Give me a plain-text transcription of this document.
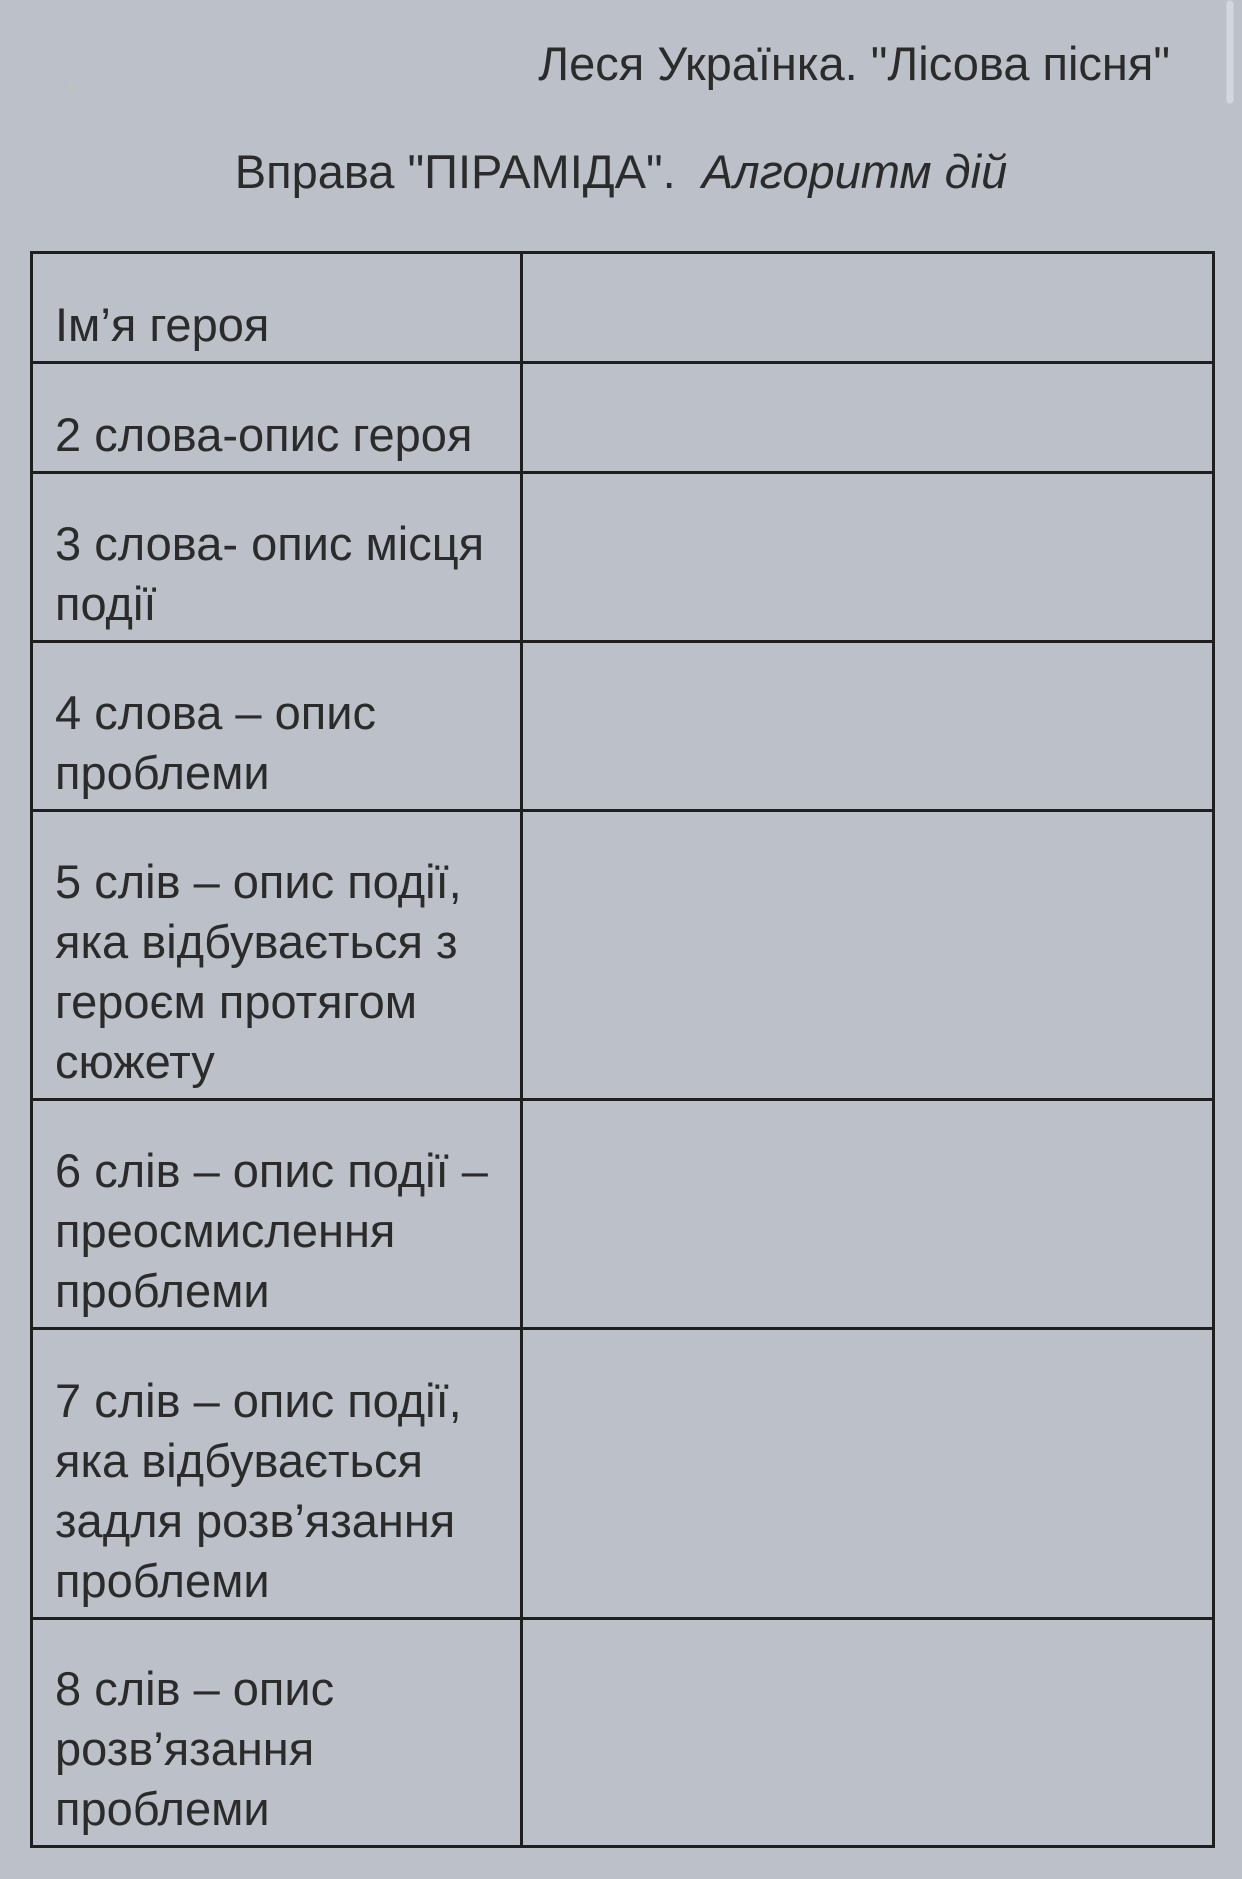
Леся Українка. "Лісова пісня"
Вправа "ПІРАМІДА". Алгоритм дій
Ім’я героя	
2 слова-опис героя	
3 слова- опис місця події	
4 слова – опис проблеми	
5 слів – опис події, яка відбувається з героєм протягом сюжету	
6 слів – опис події – преосмислення проблеми	
7 слів – опис події, яка відбувається задля розв’язання проблеми	
8 слів – опис розв’язання проблеми	
